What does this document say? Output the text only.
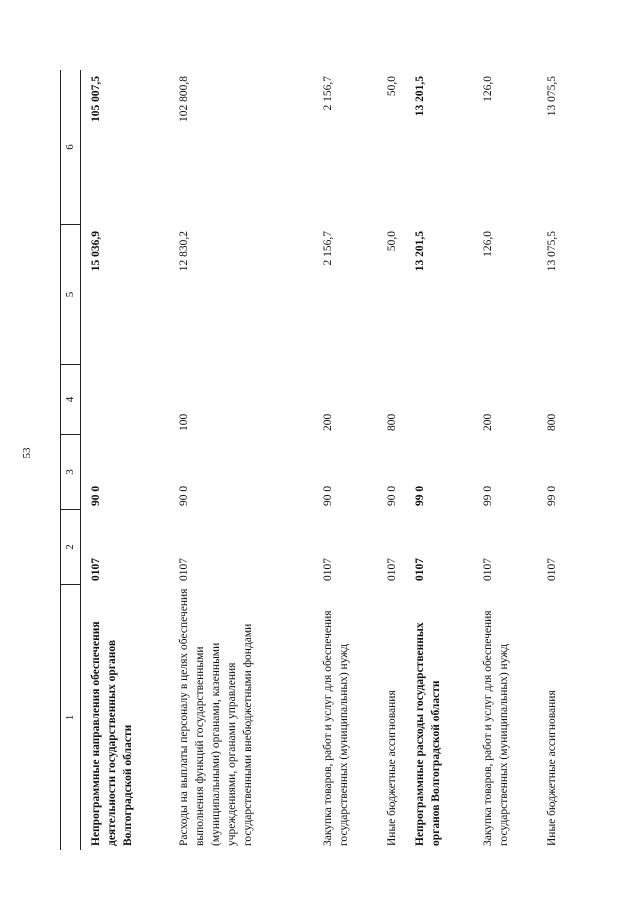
53
1
2
3
4
5
6
Непрограммные направления обеспечения деятельности государственных органов Волгоградской области
0107
90 0
15 036,9
105 007,5
Расходы на выплаты персоналу в целях обеспечения выполнения функций государственными (муниципальными) органами, казенными учреждениями, органами управления государственными внебюджетными фондами
0107
90 0
100
12 830,2
102 800,8
Закупка товаров, работ и услуг для обеспечения государственных (муниципальных) нужд
0107
90 0
200
2 156,7
2 156,7
Иные бюджетные ассигнования
0107
90 0
800
50,0
50,0
Непрограммные расходы государственных органов Волгоградской области
0107
99 0
13 201,5
13 201,5
Закупка товаров, работ и услуг для обеспечения государственных (муниципальных) нужд
0107
99 0
200
126,0
126,0
Иные бюджетные ассигнования
0107
99 0
800
13 075,5
13 075,5
